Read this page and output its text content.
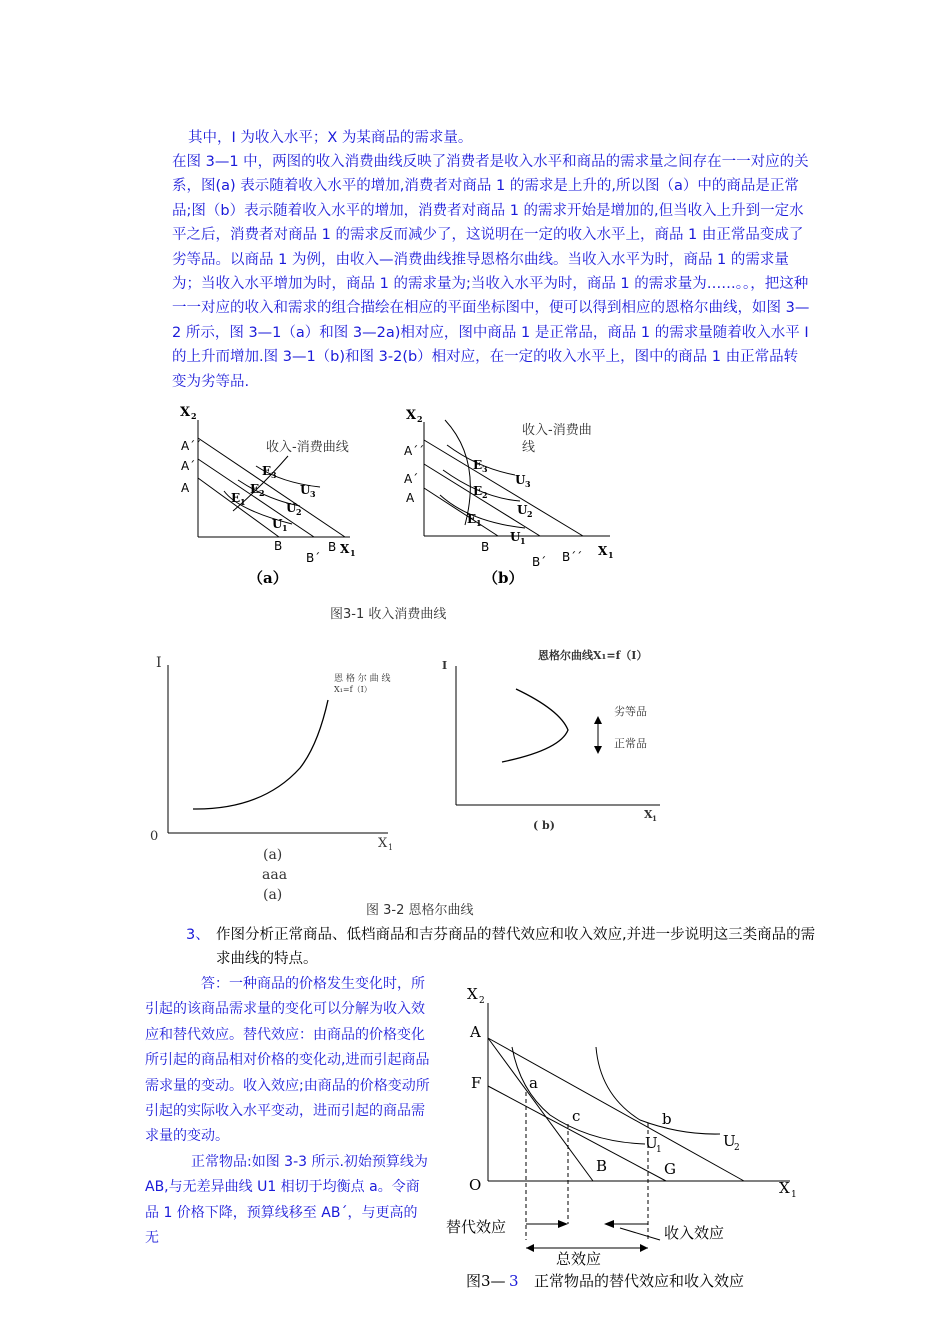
其中，I 为收入水平；X 为某商品的需求量。
在图 3—1 中，两图的收入消费曲线反映了消费者是收入水平和商品的需求量之间存在一一对应的关系，图(a) 表示随着收入水平的增加,消费者对商品 1 的需求是上升的,所以图（a）中的商品是正常品;图（b）表示随着收入水平的增加，消费者对商品 1 的需求开始是增加的,但当收入上升到一定水平之后，消费者对商品 1 的需求反而减少了，这说明在一定的收入水平上，商品 1 由正常品变成了劣等品。以商品 1 为例，由收入—消费曲线推导恩格尔曲线。当收入水平为时，商品 1 的需求量为；当收入水平增加为时，商品 1 的需求量为;当收入水平为时，商品 1 的需求量为……。。，把这种一一对应的收入和需求的组合描绘在相应的平面坐标图中，便可以得到相应的恩格尔曲线，如图 3—2 所示，图 3—1（a）和图 3—2a)相对应，图中商品 1 是正常品，商品 1 的需求量随着收入水平 I 的上升而增加.图 3—1（b)和图 3-2(b）相对应，在一定的收入水平上，图中的商品 1 由正常品转变为劣等品.
X 2
A´´
A´
A
收入-消费曲线
E 3
E 2
E 1
U 3
U 2
U 1
B
B´
B X 1
（a）
X 2
A´´
A´
A
收入-消费曲
线
E 3
E 2
E 1
U 3
U 2
U 1
B
B´ B´´ X 1
（b）
图3-1 收入消费曲线
I
0	X 1
恩 格 尔 曲 线
X₁=f（I）
(a)
aaa
(a)
I
恩格尔曲线X₁=f（I）
劣等品
正常品
X 1
( b)
图 3-2 恩格尔曲线
X 2
A
F	a
c	b
U
1	U
2
B	G
O	X 1
替代效应	收入效应
总效应
图3— 3 正常物品的替代效应和收入效应
3、 作图分析正常商品、低档商品和吉芬商品的替代效应和收入效应,并进一步说明这三类商品的需求曲线的特点。
答：一种商品的价格发生变化时，所引起的该商品需求量的变化可以分解为收入效应和替代效应。替代效应：由商品的价格变化所引起的商品相对价格的变化动,进而引起商品需求量的变动。收入效应;由商品的价格变动所引起的实际收入水平变动，进而引起的商品需求量的变动。
正常物品:如图 3-3 所示.初始预算线为 AB,与无差异曲线 U1 相切于均衡点 a。令商品 1 价格下降，预算线移至 AB´，与更高的无
